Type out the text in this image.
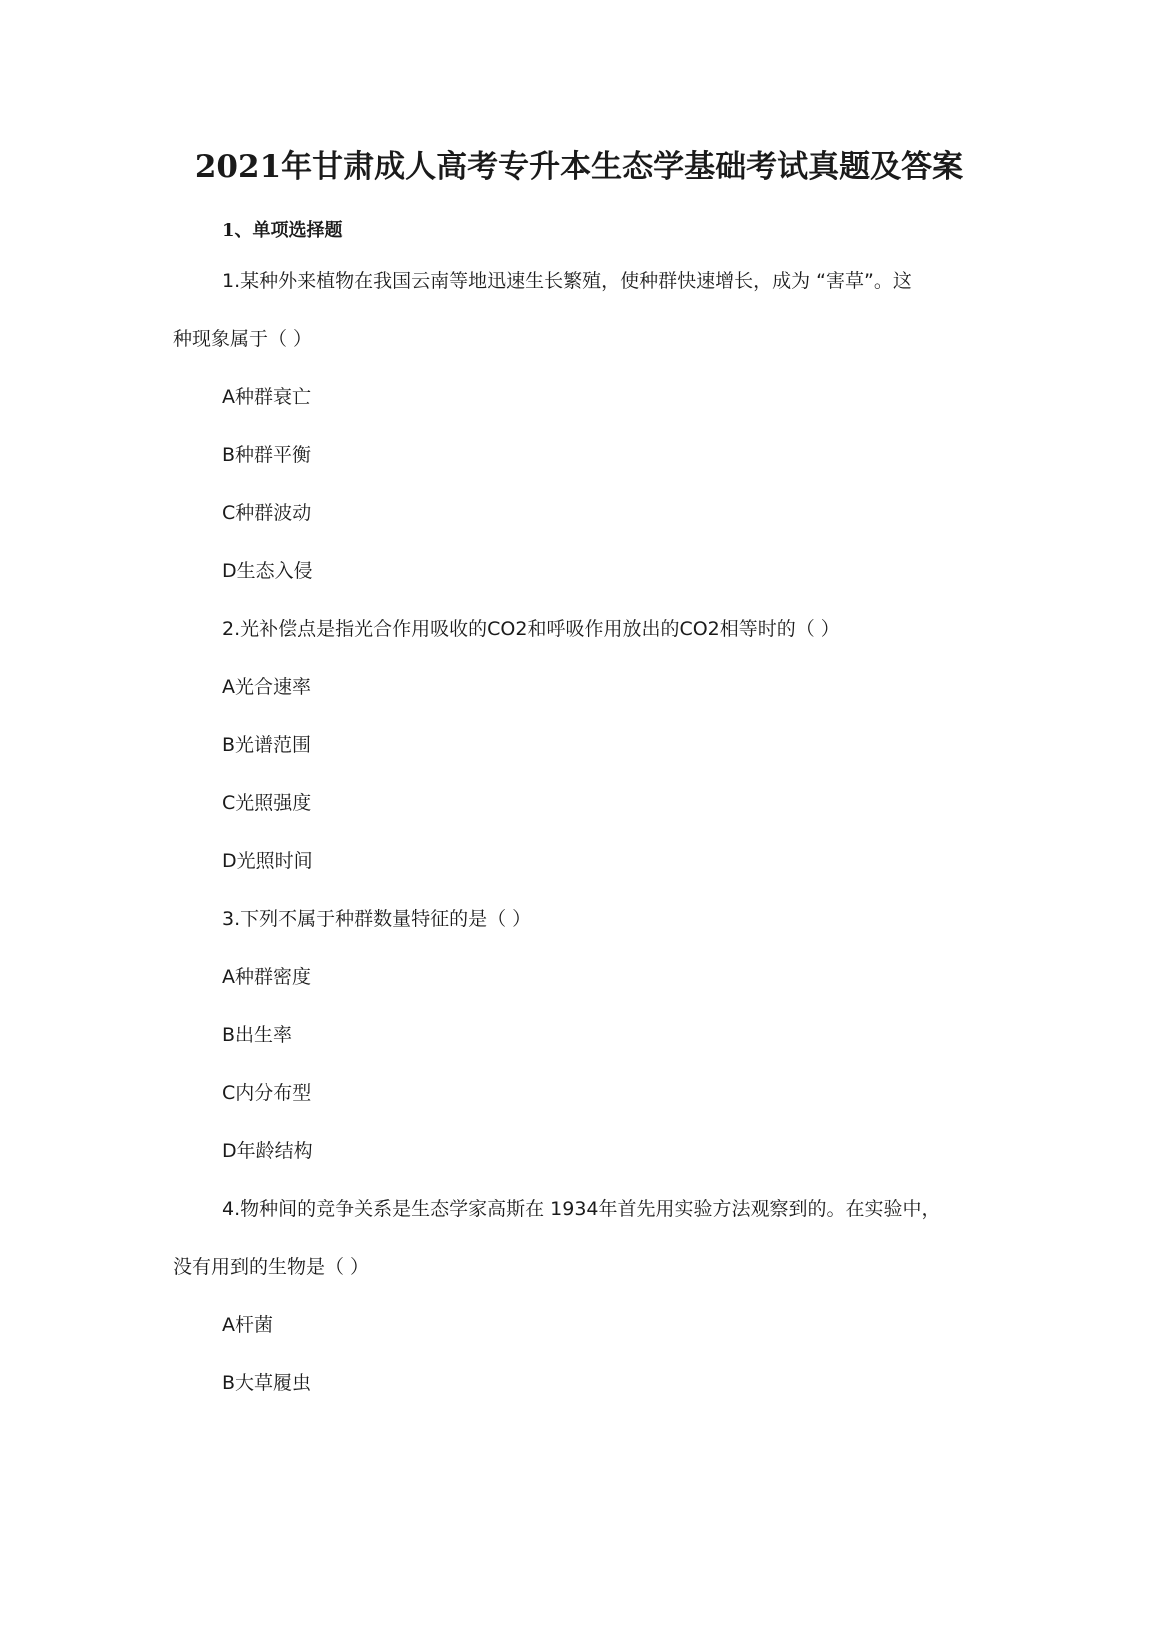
2021年甘肃成人高考专升本生态学基础考试真题及答案
1、单项选择题
1.某种外来植物在我国云南等地迅速生长繁殖，使种群快速增长，成为 “害草”。这
种现象属于（ ）
A种群衰亡
B种群平衡
C种群波动
D生态入侵
2.光补偿点是指光合作用吸收的CO2和呼吸作用放出的CO2相等时的（ ）
A光合速率
B光谱范围
C光照强度
D光照时间
3.下列不属于种群数量特征的是（ ）
A种群密度
B出生率
C内分布型
D年龄结构
4.物种间的竞争关系是生态学家高斯在 1934年首先用实验方法观察到的。在实验中，
没有用到的生物是（ ）
A杆菌
B大草履虫
